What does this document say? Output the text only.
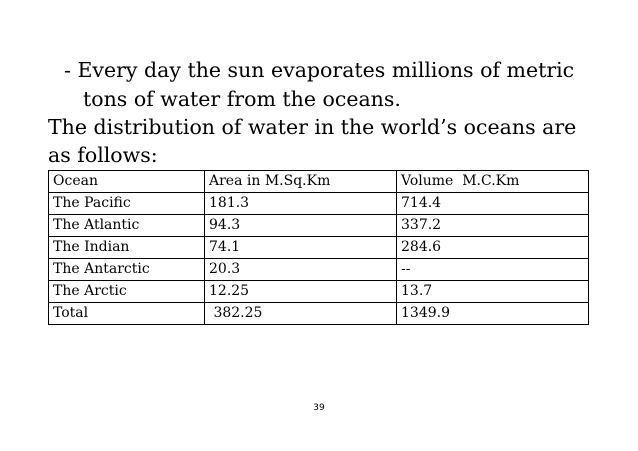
- Every day the sun evaporates millions of metric
tons of water from the oceans.
The distribution of water in the world’s oceans are
as follows:
Ocean	Area in M.Sq.Km	Volume  M.C.Km
The Pacific	181.3	714.4
The Atlantic	94.3	337.2
The Indian	74.1	284.6
The Antarctic	20.3	--
The Arctic	12.25	13.7
Total	382.25	1349.9
39
